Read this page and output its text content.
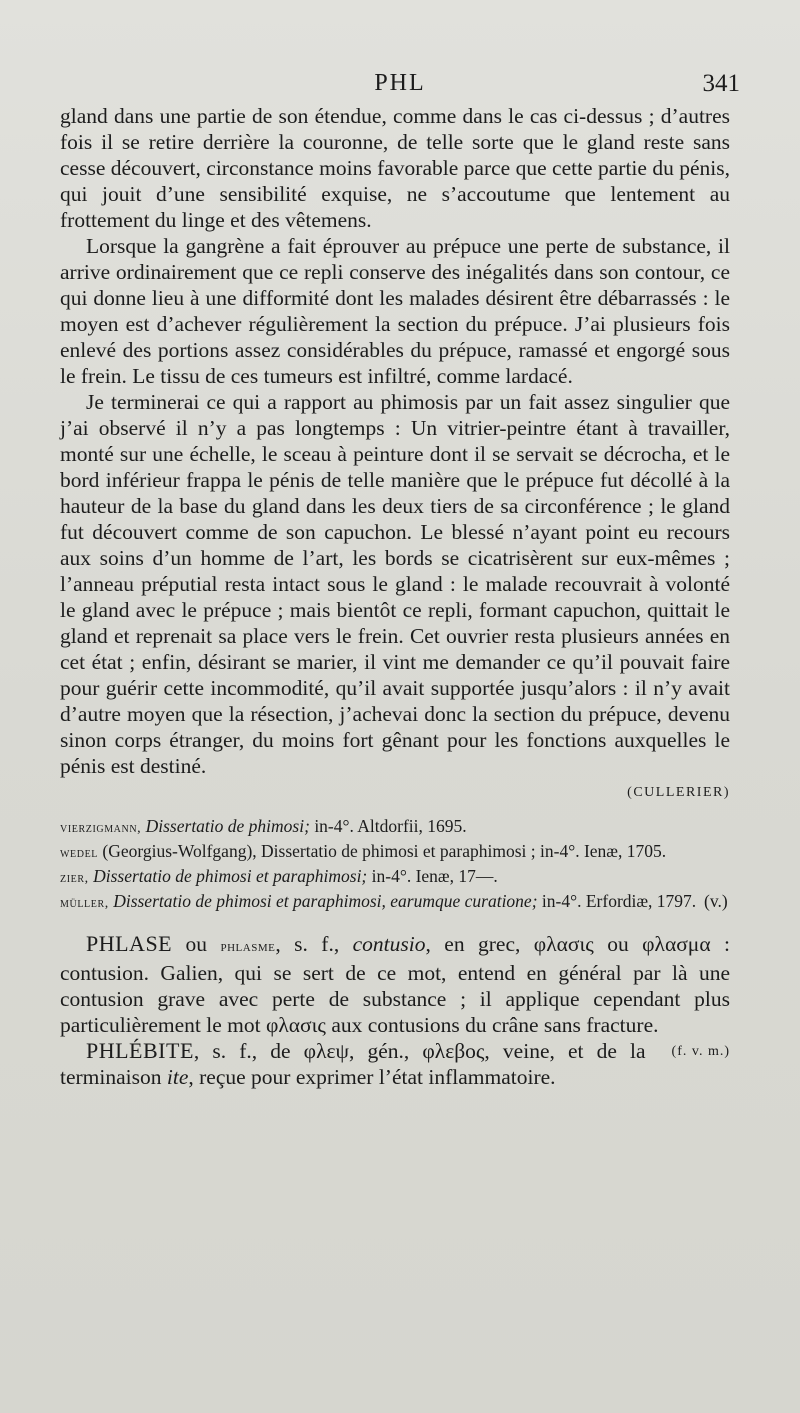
PHL	341

gland dans une partie de son étendue, comme dans le cas ci-dessus ; d’autres fois il se retire derrière la couronne, de telle sorte que le gland reste sans cesse découvert, circonstance moins favorable parce que cette partie du pénis, qui jouit d’une sensibilité exquise, ne s’accoutume que lentement au frottement du linge et des vêtemens.

Lorsque la gangrène a fait éprouver au prépuce une perte de substance, il arrive ordinairement que ce repli conserve des inégalités dans son contour, ce qui donne lieu à une difformité dont les malades désirent être débarrassés : le moyen est d’achever régulièrement la section du prépuce. J’ai plusieurs fois enlevé des portions assez considérables du prépuce, ramassé et engorgé sous le frein. Le tissu de ces tumeurs est infiltré, comme lardacé.

Je terminerai ce qui a rapport au phimosis par un fait assez singulier que j’ai observé il n’y a pas longtemps : Un vitrier-peintre étant à travailler, monté sur une échelle, le sceau à peinture dont il se servait se décrocha, et le bord inférieur frappa le pénis de telle manière que le prépuce fut décollé à la hauteur de la base du gland dans les deux tiers de sa circonférence ; le gland fut découvert comme de son capuchon. Le blessé n’ayant point eu recours aux soins d’un homme de l’art, les bords se cicatrisèrent sur eux-mêmes ; l’anneau préputial resta intact sous le gland : le malade recouvrait à volonté le gland avec le prépuce ; mais bientôt ce repli, formant capuchon, quittait le gland et reprenait sa place vers le frein. Cet ouvrier resta plusieurs années en cet état ; enfin, désirant se marier, il vint me demander ce qu’il pouvait faire pour guérir cette incommodité, qu’il avait supportée jusqu’alors : il n’y avait d’autre moyen que la résection, j’achevai donc la section du prépuce, devenu sinon corps étranger, du moins fort gênant pour les fonctions auxquelles le pénis est destiné.

(CULLERIER)
vierzigmann, Dissertatio de phimosi; in-4°. Altdorfii, 1695.
wedel (Georgius-Wolfgang), Dissertatio de phimosi et paraphimosi ; in-4°. Ienæ, 1705.
zier, Dissertatio de phimosi et paraphimosi; in-4°. Ienæ, 17—.
müller, Dissertatio de phimosi et paraphimosi, earumque curatione; in-4°. Erfordiæ, 1797. (v.)

PHLASE ou phlasme, s. f., contusio, en grec, φλασις ou φλασμα : contusion. Galien, qui se sert de ce mot, entend en général par là une contusion grave avec perte de substance ; il applique cependant plus particulièrement le mot φλασις aux contusions du crâne sans fracture.
(f. v. m.)

PHLÉBITE, s. f., de φλεψ, gén., φλεβος, veine, et de la terminaison ite, reçue pour exprimer l’état inflammatoire.
